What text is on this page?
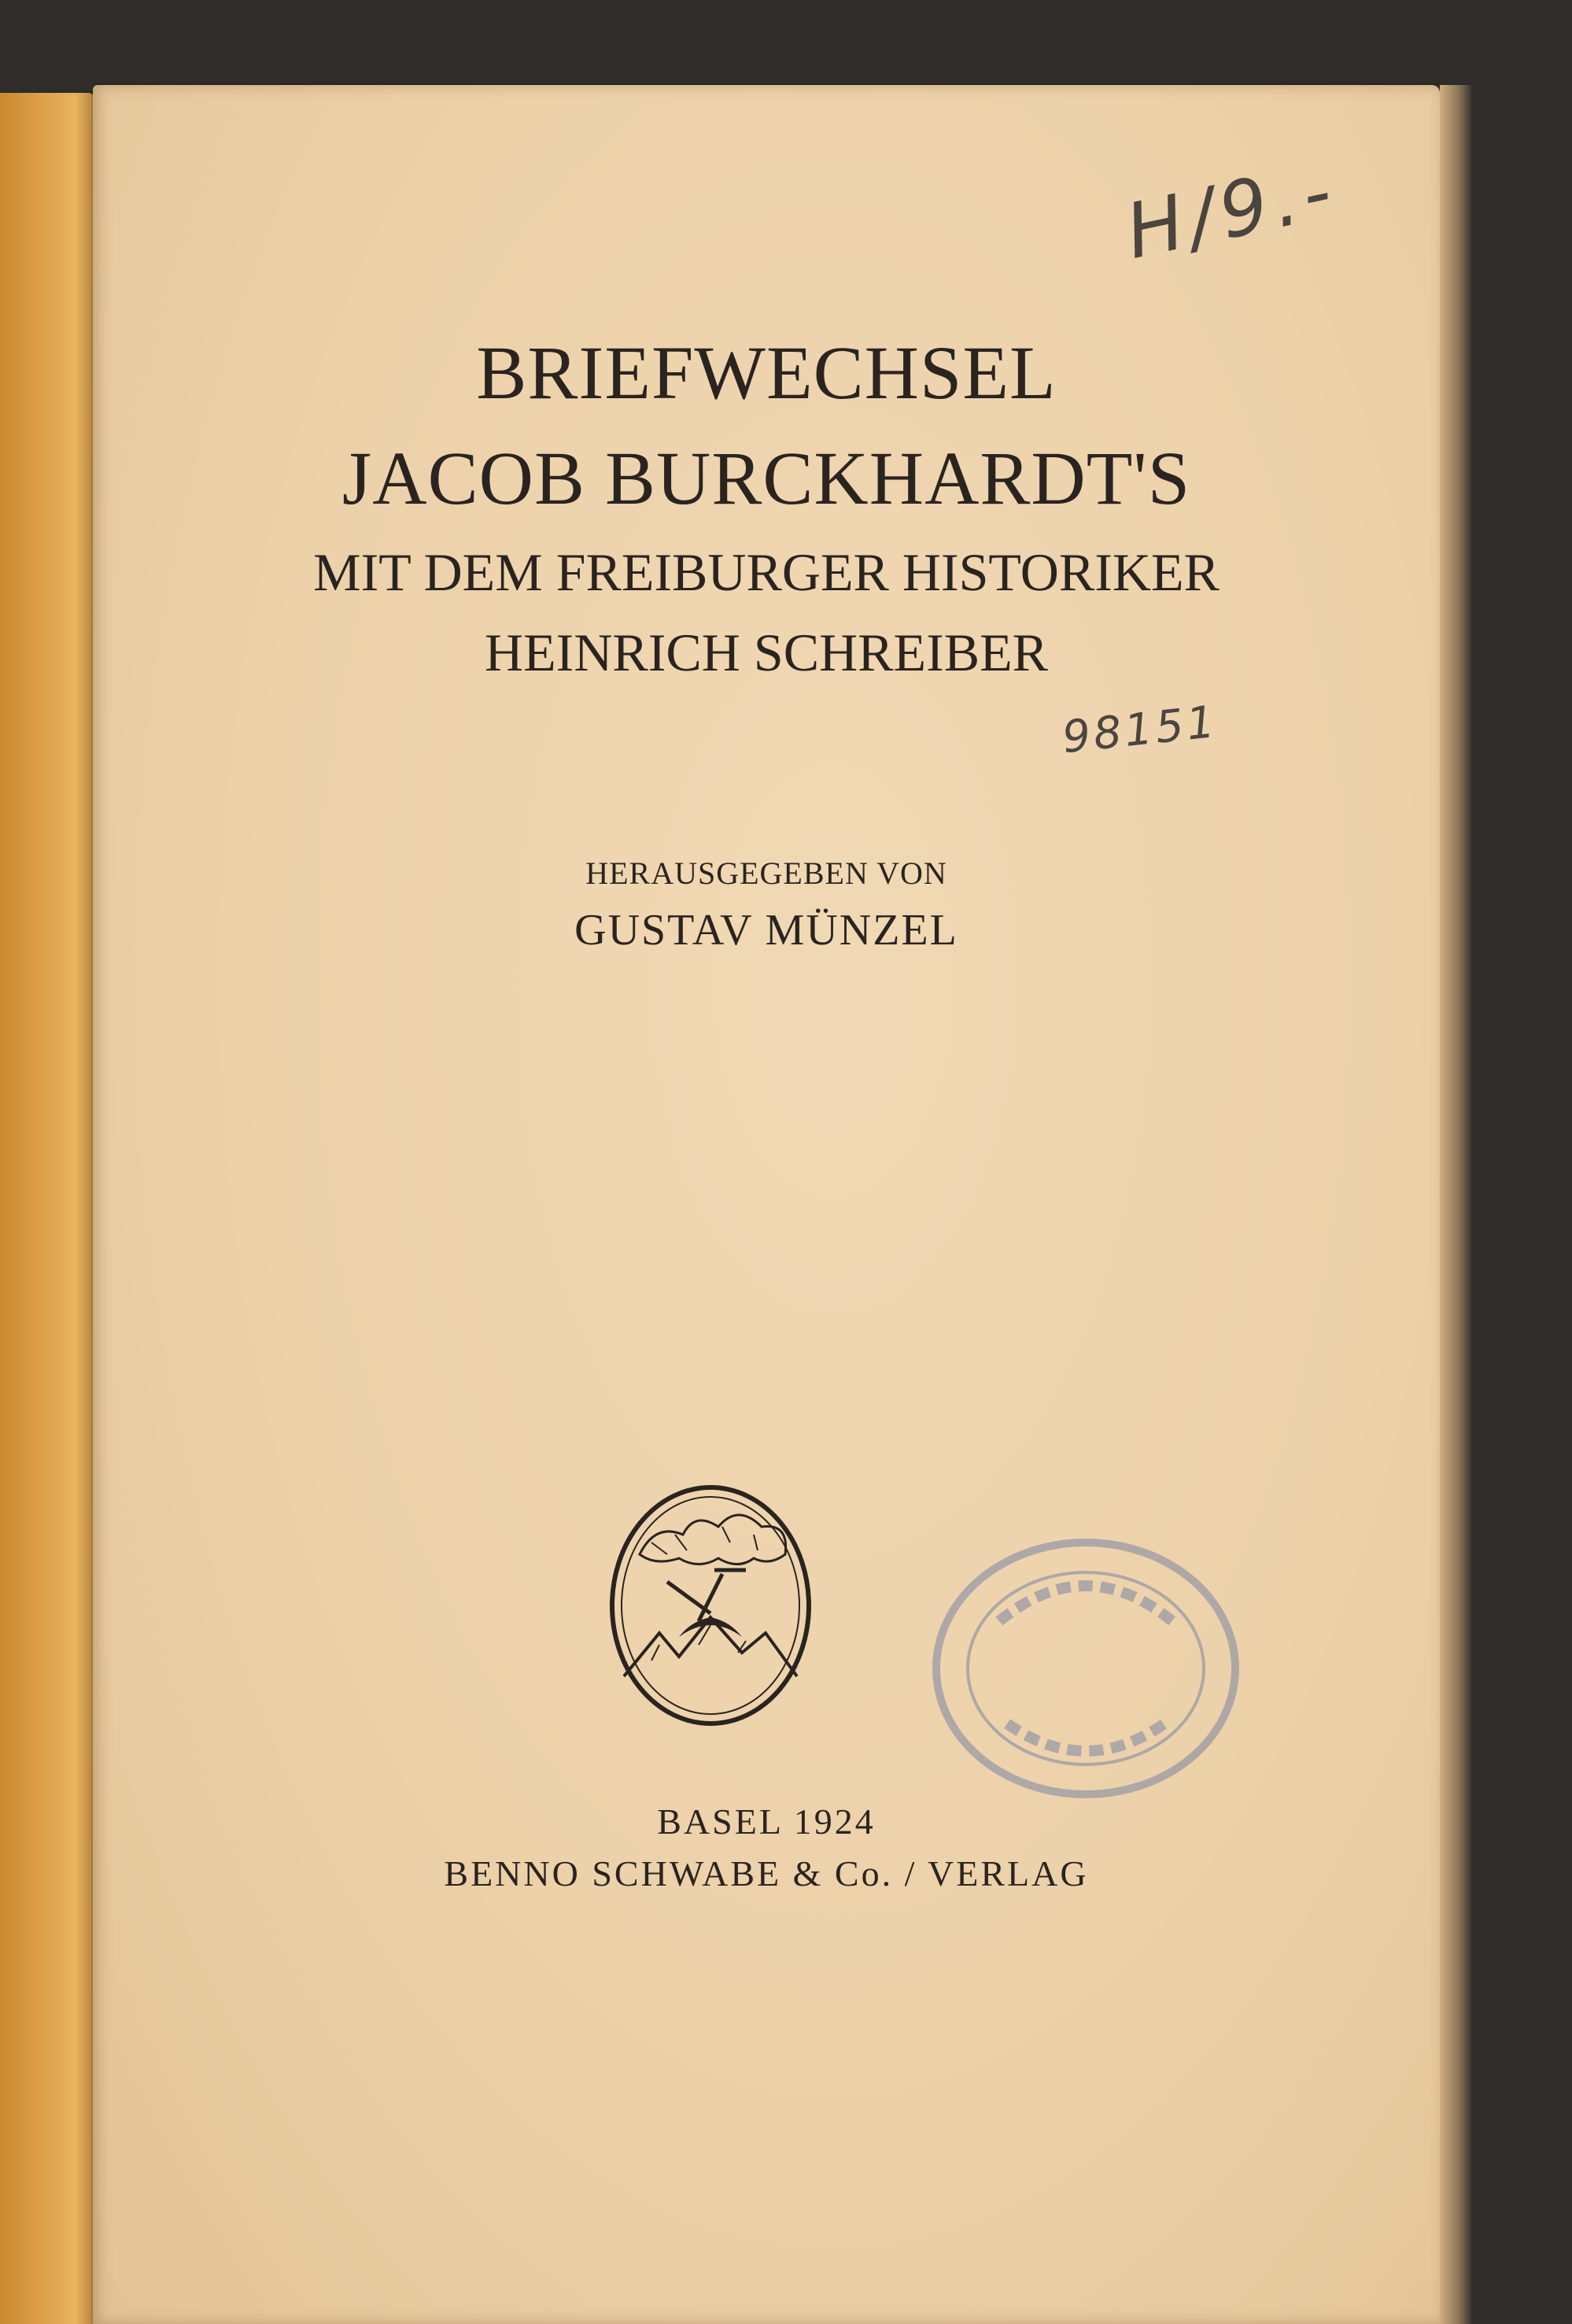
H/9.-
BRIEFWECHSEL
JACOB BURCKHARDT'S
MIT DEM FREIBURGER HISTORIKER
HEINRICH SCHREIBER
98151
HERAUSGEGEBEN VON
GUSTAV MÜNZEL
BASEL 1924
BENNO SCHWABE & Co. / VERLAG
